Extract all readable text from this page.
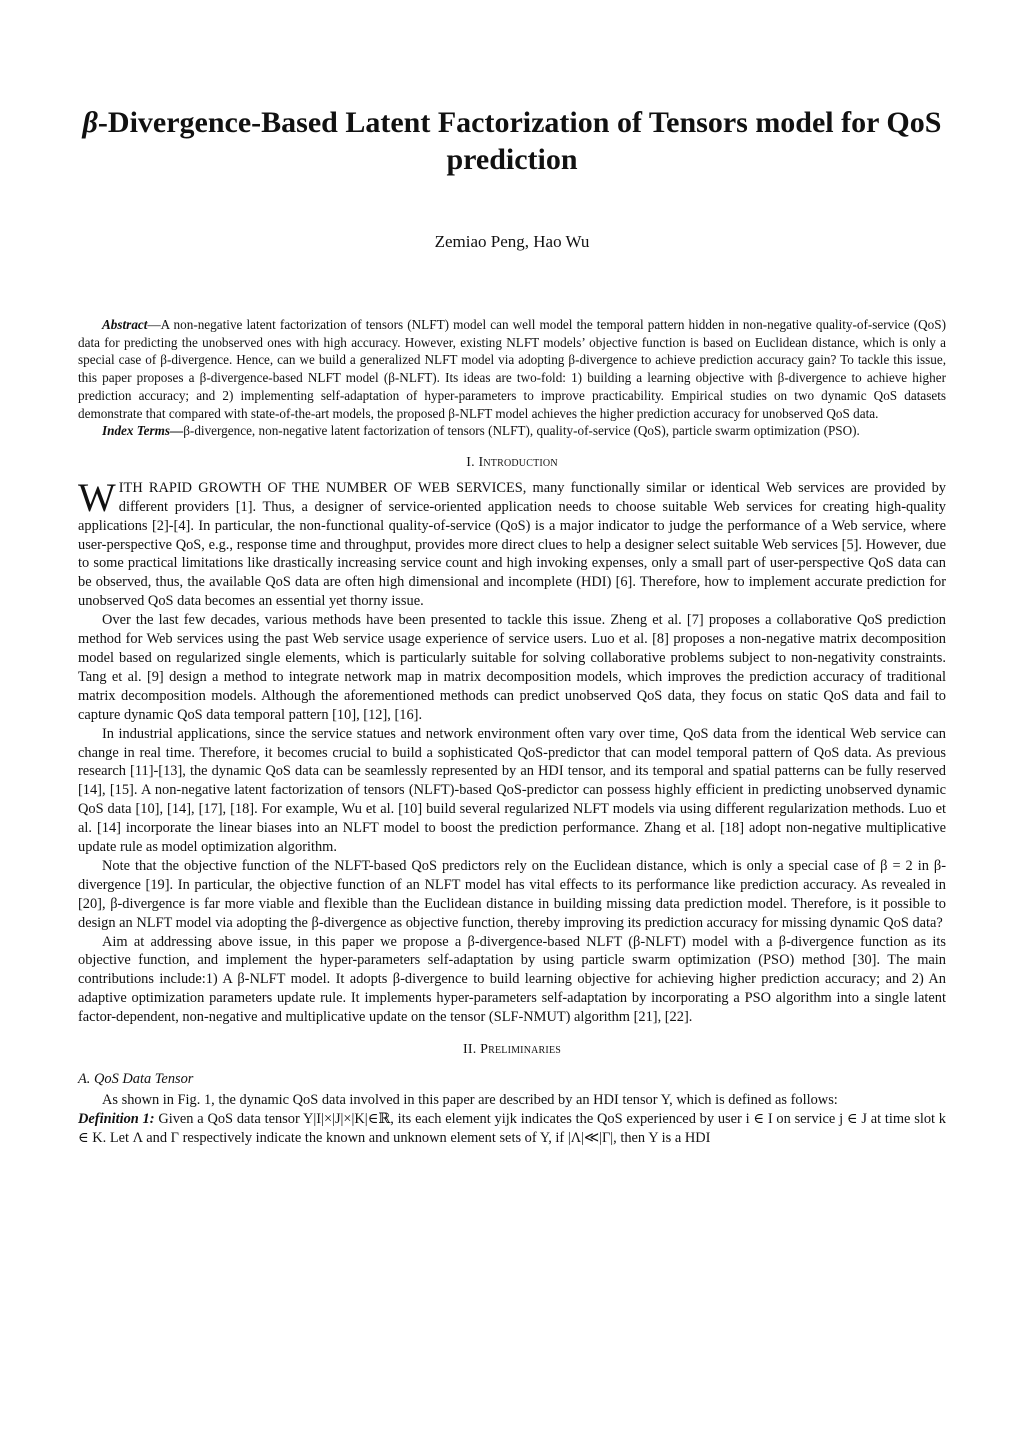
β-Divergence-Based Latent Factorization of Tensors model for QoS prediction
Zemiao Peng, Hao Wu

Abstract—A non-negative latent factorization of tensors (NLFT) model can well model the temporal pattern hidden in non-negative quality-of-service (QoS) data for predicting the unobserved ones with high accuracy. However, existing NLFT models’ objective function is based on Euclidean distance, which is only a special case of β-divergence. Hence, can we build a generalized NLFT model via adopting β-divergence to achieve prediction accuracy gain? To tackle this issue, this paper proposes a β-divergence-based NLFT model (β-NLFT). Its ideas are two-fold: 1) building a learning objective with β-divergence to achieve higher prediction accuracy; and 2) implementing self-adaptation of hyper-parameters to improve practicability. Empirical studies on two dynamic QoS datasets demonstrate that compared with state-of-the-art models, the proposed β-NLFT model achieves the higher prediction accuracy for unobserved QoS data.

Index Terms—β-divergence, non-negative latent factorization of tensors (NLFT), quality-of-service (QoS), particle swarm optimization (PSO).

I. Introduction

WITH RAPID GROWTH OF THE NUMBER OF WEB SERVICES, many functionally similar or identical Web services are provided by different providers [1]. Thus, a designer of service-oriented application needs to choose suitable Web services for creating high-quality applications [2]-[4]. In particular, the non-functional quality-of-service (QoS) is a major indicator to judge the performance of a Web service, where user-perspective QoS, e.g., response time and throughput, provides more direct clues to help a designer select suitable Web services [5]. However, due to some practical limitations like drastically increasing service count and high invoking expenses, only a small part of user-perspective QoS data can be observed, thus, the available QoS data are often high dimensional and incomplete (HDI) [6]. Therefore, how to implement accurate prediction for unobserved QoS data becomes an essential yet thorny issue.

Over the last few decades, various methods have been presented to tackle this issue. Zheng et al. [7] proposes a collaborative QoS prediction method for Web services using the past Web service usage experience of service users. Luo et al. [8] proposes a non-negative matrix decomposition model based on regularized single elements, which is particularly suitable for solving collaborative problems subject to non-negativity constraints. Tang et al. [9] design a method to integrate network map in matrix decomposition models, which improves the prediction accuracy of traditional matrix decomposition models. Although the aforementioned methods can predict unobserved QoS data, they focus on static QoS data and fail to capture dynamic QoS data temporal pattern [10], [12], [16].

In industrial applications, since the service statues and network environment often vary over time, QoS data from the identical Web service can change in real time. Therefore, it becomes crucial to build a sophisticated QoS-predictor that can model temporal pattern of QoS data. As previous research [11]-[13], the dynamic QoS data can be seamlessly represented by an HDI tensor, and its temporal and spatial patterns can be fully reserved [14], [15]. A non-negative latent factorization of tensors (NLFT)-based QoS-predictor can possess highly efficient in predicting unobserved dynamic QoS data [10], [14], [17], [18]. For example, Wu et al. [10] build several regularized NLFT models via using different regularization methods. Luo et al. [14] incorporate the linear biases into an NLFT model to boost the prediction performance. Zhang et al. [18] adopt non-negative multiplicative update rule as model optimization algorithm.

Note that the objective function of the NLFT-based QoS predictors rely on the Euclidean distance, which is only a special case of β = 2 in β-divergence [19]. In particular, the objective function of an NLFT model has vital effects to its performance like prediction accuracy. As revealed in [20], β-divergence is far more viable and flexible than the Euclidean distance in building missing data prediction model. Therefore, is it possible to design an NLFT model via adopting the β-divergence as objective function, thereby improving its prediction accuracy for missing dynamic QoS data?

Aim at addressing above issue, in this paper we propose a β-divergence-based NLFT (β-NLFT) model with a β-divergence function as its objective function, and implement the hyper-parameters self-adaptation by using particle swarm optimization (PSO) method [30]. The main contributions include:1) A β-NLFT model. It adopts β-divergence to build learning objective for achieving higher prediction accuracy; and 2) An adaptive optimization parameters update rule. It implements hyper-parameters self-adaptation by incorporating a PSO algorithm into a single latent factor-dependent, non-negative and multiplicative update on the tensor (SLF-NMUT) algorithm [21], [22].

II. Preliminaries
A. QoS Data Tensor

As shown in Fig. 1, the dynamic QoS data involved in this paper are described by an HDI tensor Y, which is defined as follows:

Definition 1: Given a QoS data tensor Y|I|×|J|×|K|∈ℝ, its each element yijk indicates the QoS experienced by user i ∈ I on service j ∈ J at time slot k ∈ K. Let Λ and Γ respectively indicate the known and unknown element sets of Y, if |Λ|≪|Γ|, then Y is a HDI
